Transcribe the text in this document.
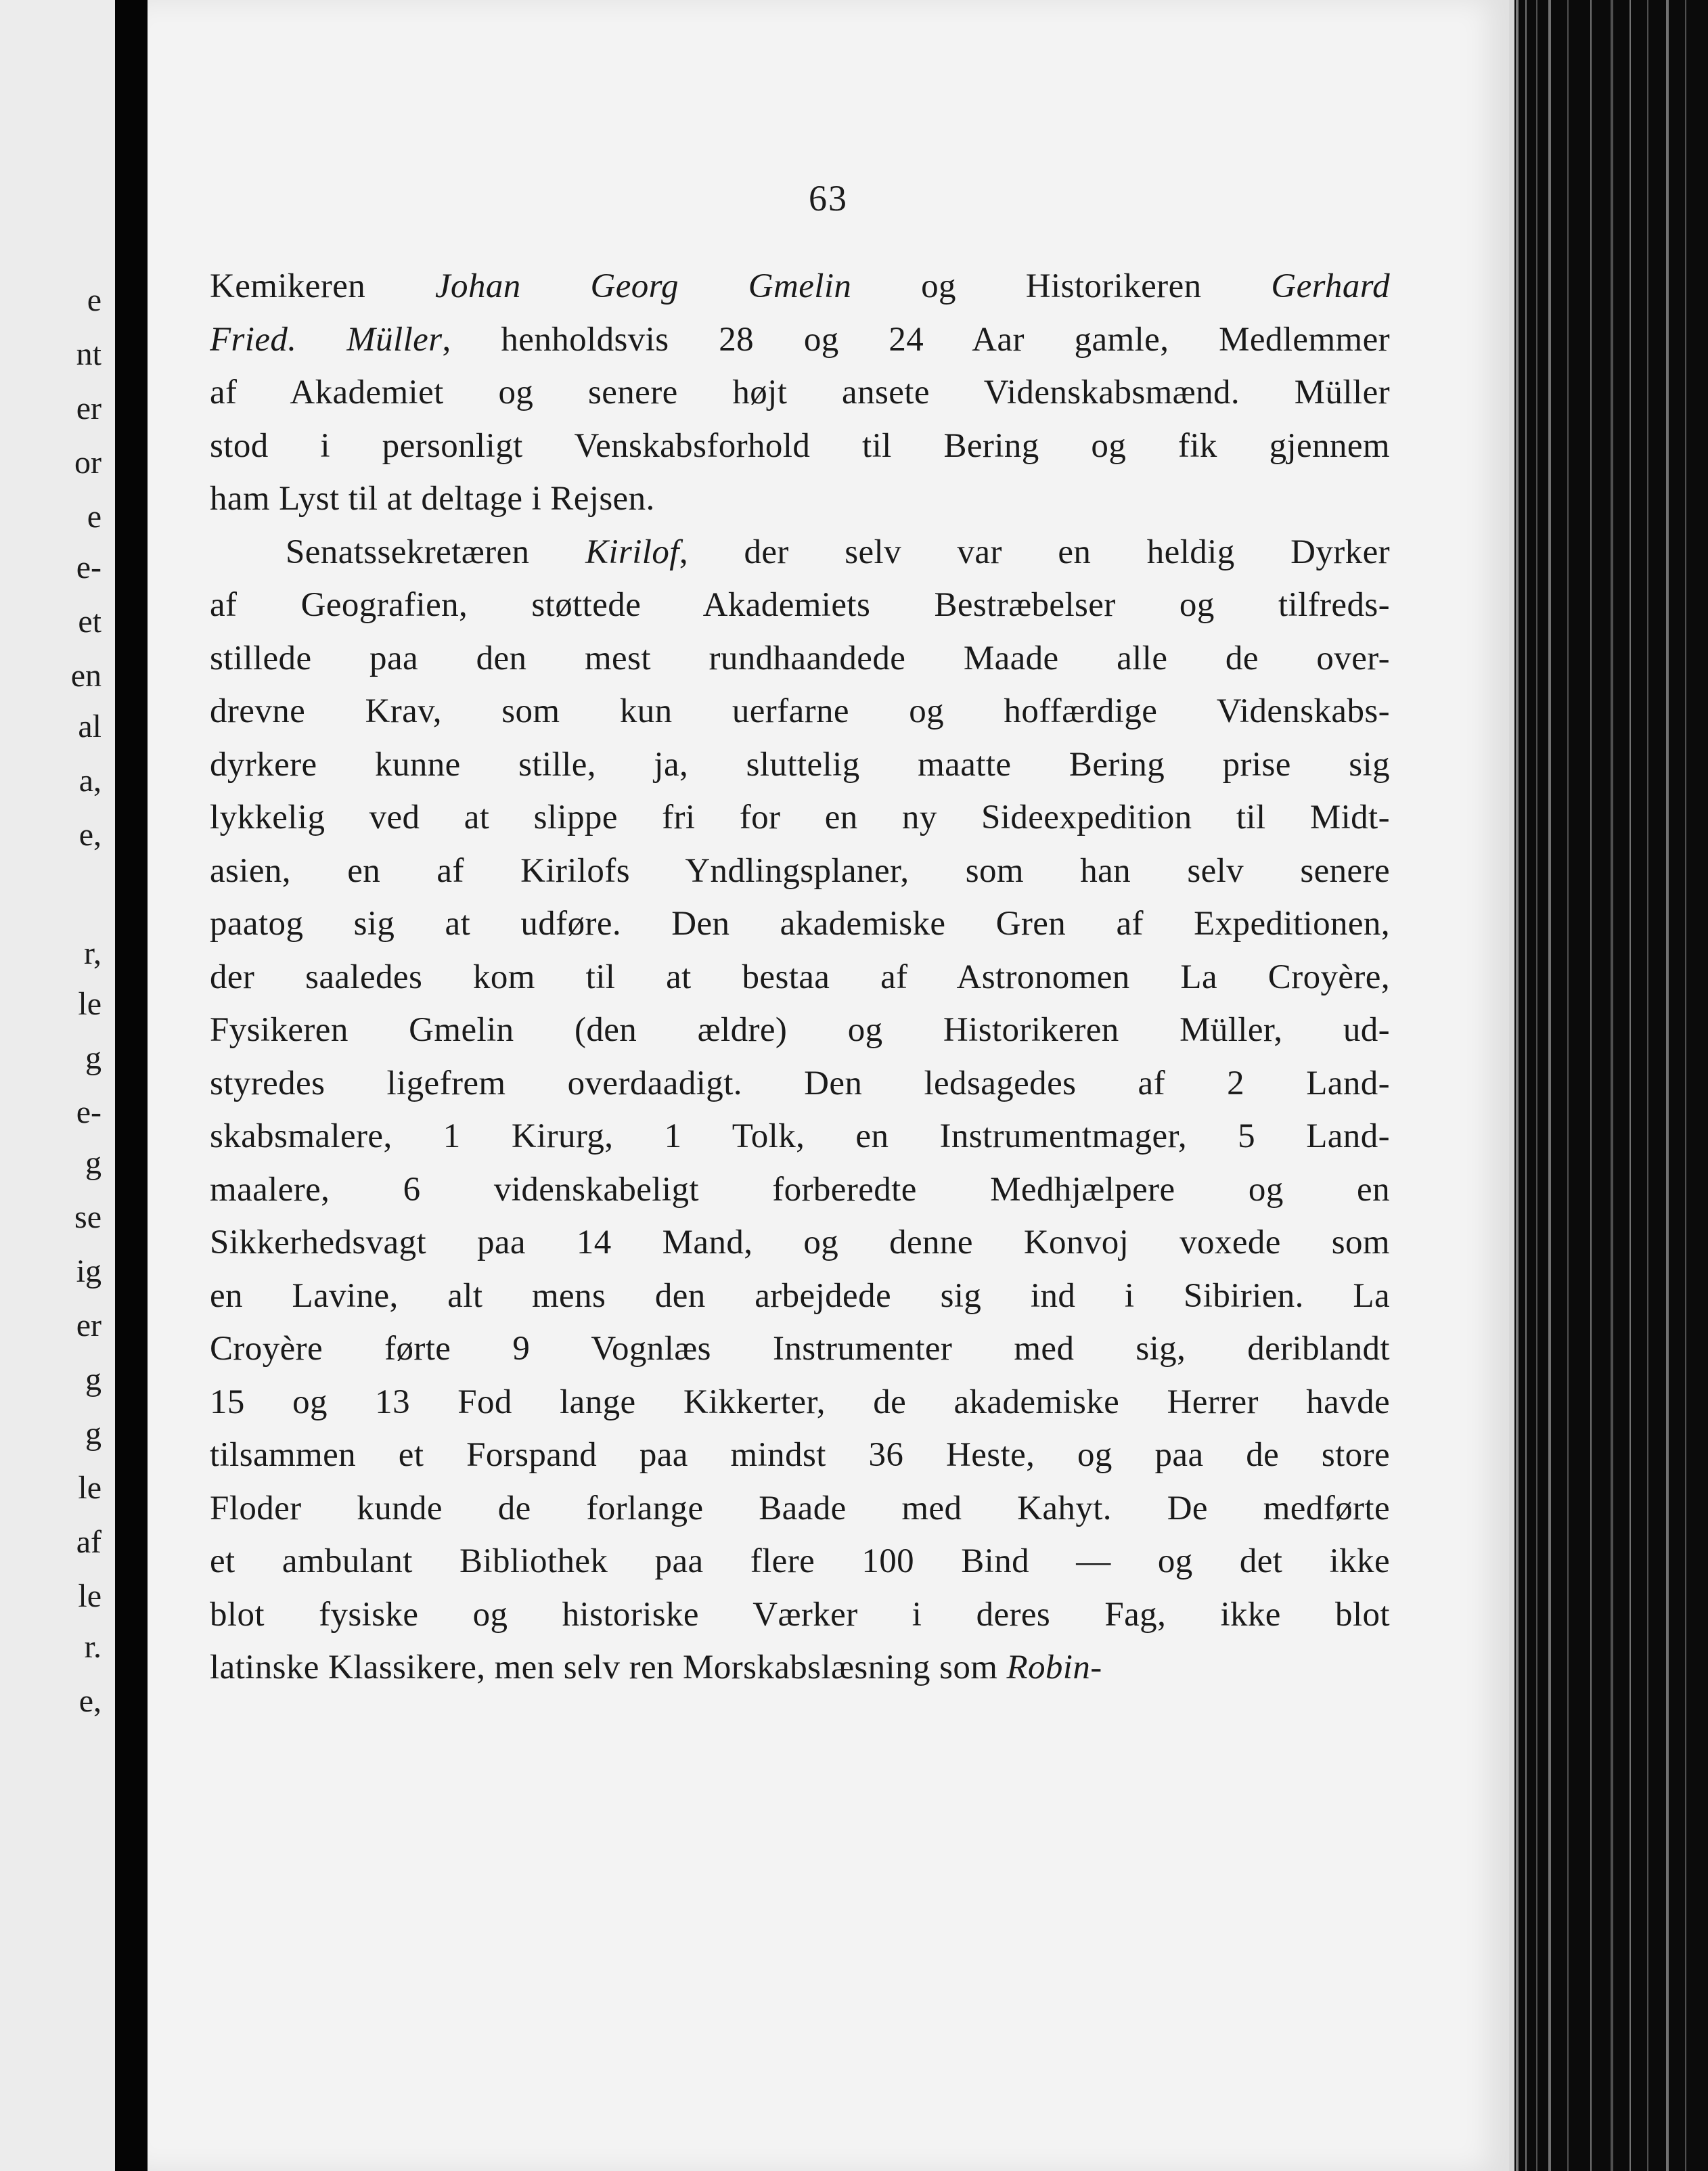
e
nt
er
or
e
e-
et
en
al
a,
e,
r,
le
g
e-
g
se
ig
er
g
g
le
af
le
r.
e,
63
Kemikeren Johan Georg Gmelin og Historikeren Gerhard
Fried. Müller, henholdsvis 28 og 24 Aar gamle, Medlemmer
af Akademiet og senere højt ansete Videnskabsmænd. Müller
stod i personligt Venskabsforhold til Bering og fik gjennem
ham Lyst til at deltage i Rejsen.
Senatssekretæren Kirilof, der selv var en heldig Dyrker
af Geografien, støttede Akademiets Bestræbelser og tilfreds-
stillede paa den mest rundhaandede Maade alle de over-
drevne Krav, som kun uerfarne og hoffærdige Videnskabs-
dyrkere kunne stille, ja, sluttelig maatte Bering prise sig
lykkelig ved at slippe fri for en ny Sideexpedition til Midt-
asien, en af Kirilofs Yndlingsplaner, som han selv senere
paatog sig at udføre. Den akademiske Gren af Expeditionen,
der saaledes kom til at bestaa af Astronomen La Croyère,
Fysikeren Gmelin (den ældre) og Historikeren Müller, ud-
styredes ligefrem overdaadigt. Den ledsagedes af 2 Land-
skabsmalere, 1 Kirurg, 1 Tolk, en Instrumentmager, 5 Land-
maalere, 6 videnskabeligt forberedte Medhjælpere og en
Sikkerhedsvagt paa 14 Mand, og denne Konvoj voxede som
en Lavine, alt mens den arbejdede sig ind i Sibirien. La
Croyère førte 9 Vognlæs Instrumenter med sig, deriblandt
15 og 13 Fod lange Kikkerter, de akademiske Herrer havde
tilsammen et Forspand paa mindst 36 Heste, og paa de store
Floder kunde de forlange Baade med Kahyt. De medførte
et ambulant Bibliothek paa flere 100 Bind — og det ikke
blot fysiske og historiske Værker i deres Fag, ikke blot
latinske Klassikere, men selv ren Morskabslæsning som Robin-
